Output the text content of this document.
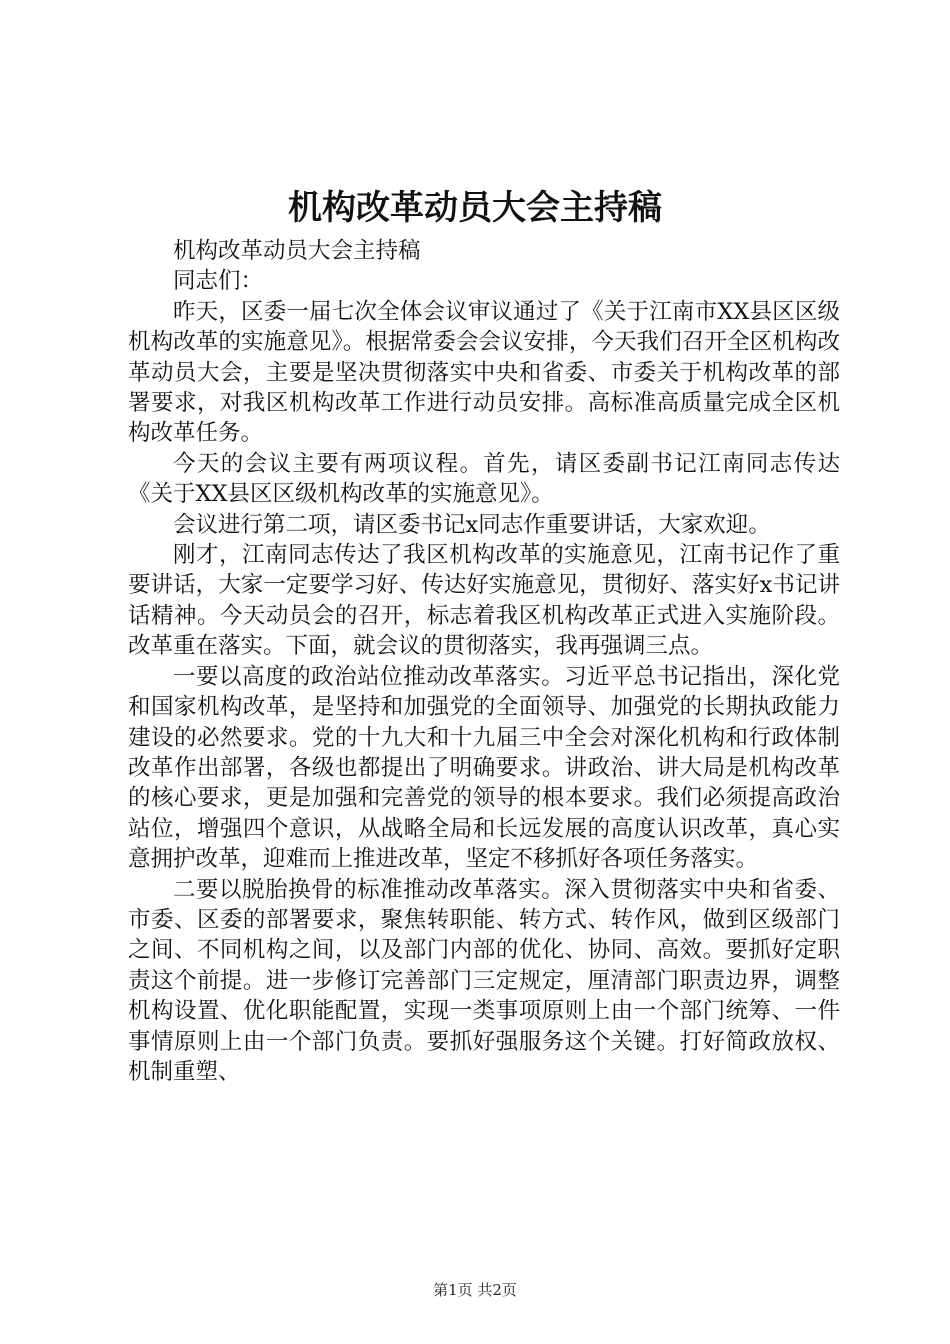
机构改革动员大会主持稿

机构改革动员大会主持稿

同志们：

昨天，区委一届七次全体会议审议通过了《关于江南市XX县区区级机构改革的实施意见》。根据常委会会议安排，今天我们召开全区机构改革动员大会，主要是坚决贯彻落实中央和省委、市委关于机构改革的部署要求，对我区机构改革工作进行动员安排。高标准高质量完成全区机构改革任务。

今天的会议主要有两项议程。首先，请区委副书记江南同志传达《关于XX县区区级机构改革的实施意见》。

会议进行第二项，请区委书记x同志作重要讲话，大家欢迎。

刚才，江南同志传达了我区机构改革的实施意见，江南书记作了重要讲话，大家一定要学习好、传达好实施意见，贯彻好、落实好x书记讲话精神。今天动员会的召开，标志着我区机构改革正式进入实施阶段。改革重在落实。下面，就会议的贯彻落实，我再强调三点。

一要以高度的政治站位推动改革落实。习近平总书记指出，深化党和国家机构改革，是坚持和加强党的全面领导、加强党的长期执政能力建设的必然要求。党的十九大和十九届三中全会对深化机构和行政体制改革作出部署，各级也都提出了明确要求。讲政治、讲大局是机构改革的核心要求，更是加强和完善党的领导的根本要求。我们必须提高政治站位，增强四个意识，从战略全局和长远发展的高度认识改革，真心实意拥护改革，迎难而上推进改革，坚定不移抓好各项任务落实。

二要以脱胎换骨的标准推动改革落实。深入贯彻落实中央和省委、市委、区委的部署要求，聚焦转职能、转方式、转作风，做到区级部门之间、不同机构之间，以及部门内部的优化、协同、高效。要抓好定职责这个前提。进一步修订完善部门三定规定，厘清部门职责边界，调整机构设置、优化职能配置，实现一类事项原则上由一个部门统筹、一件事情原则上由一个部门负责。要抓好强服务这个关键。打好简政放权、机制重塑、

第1页 共2页
